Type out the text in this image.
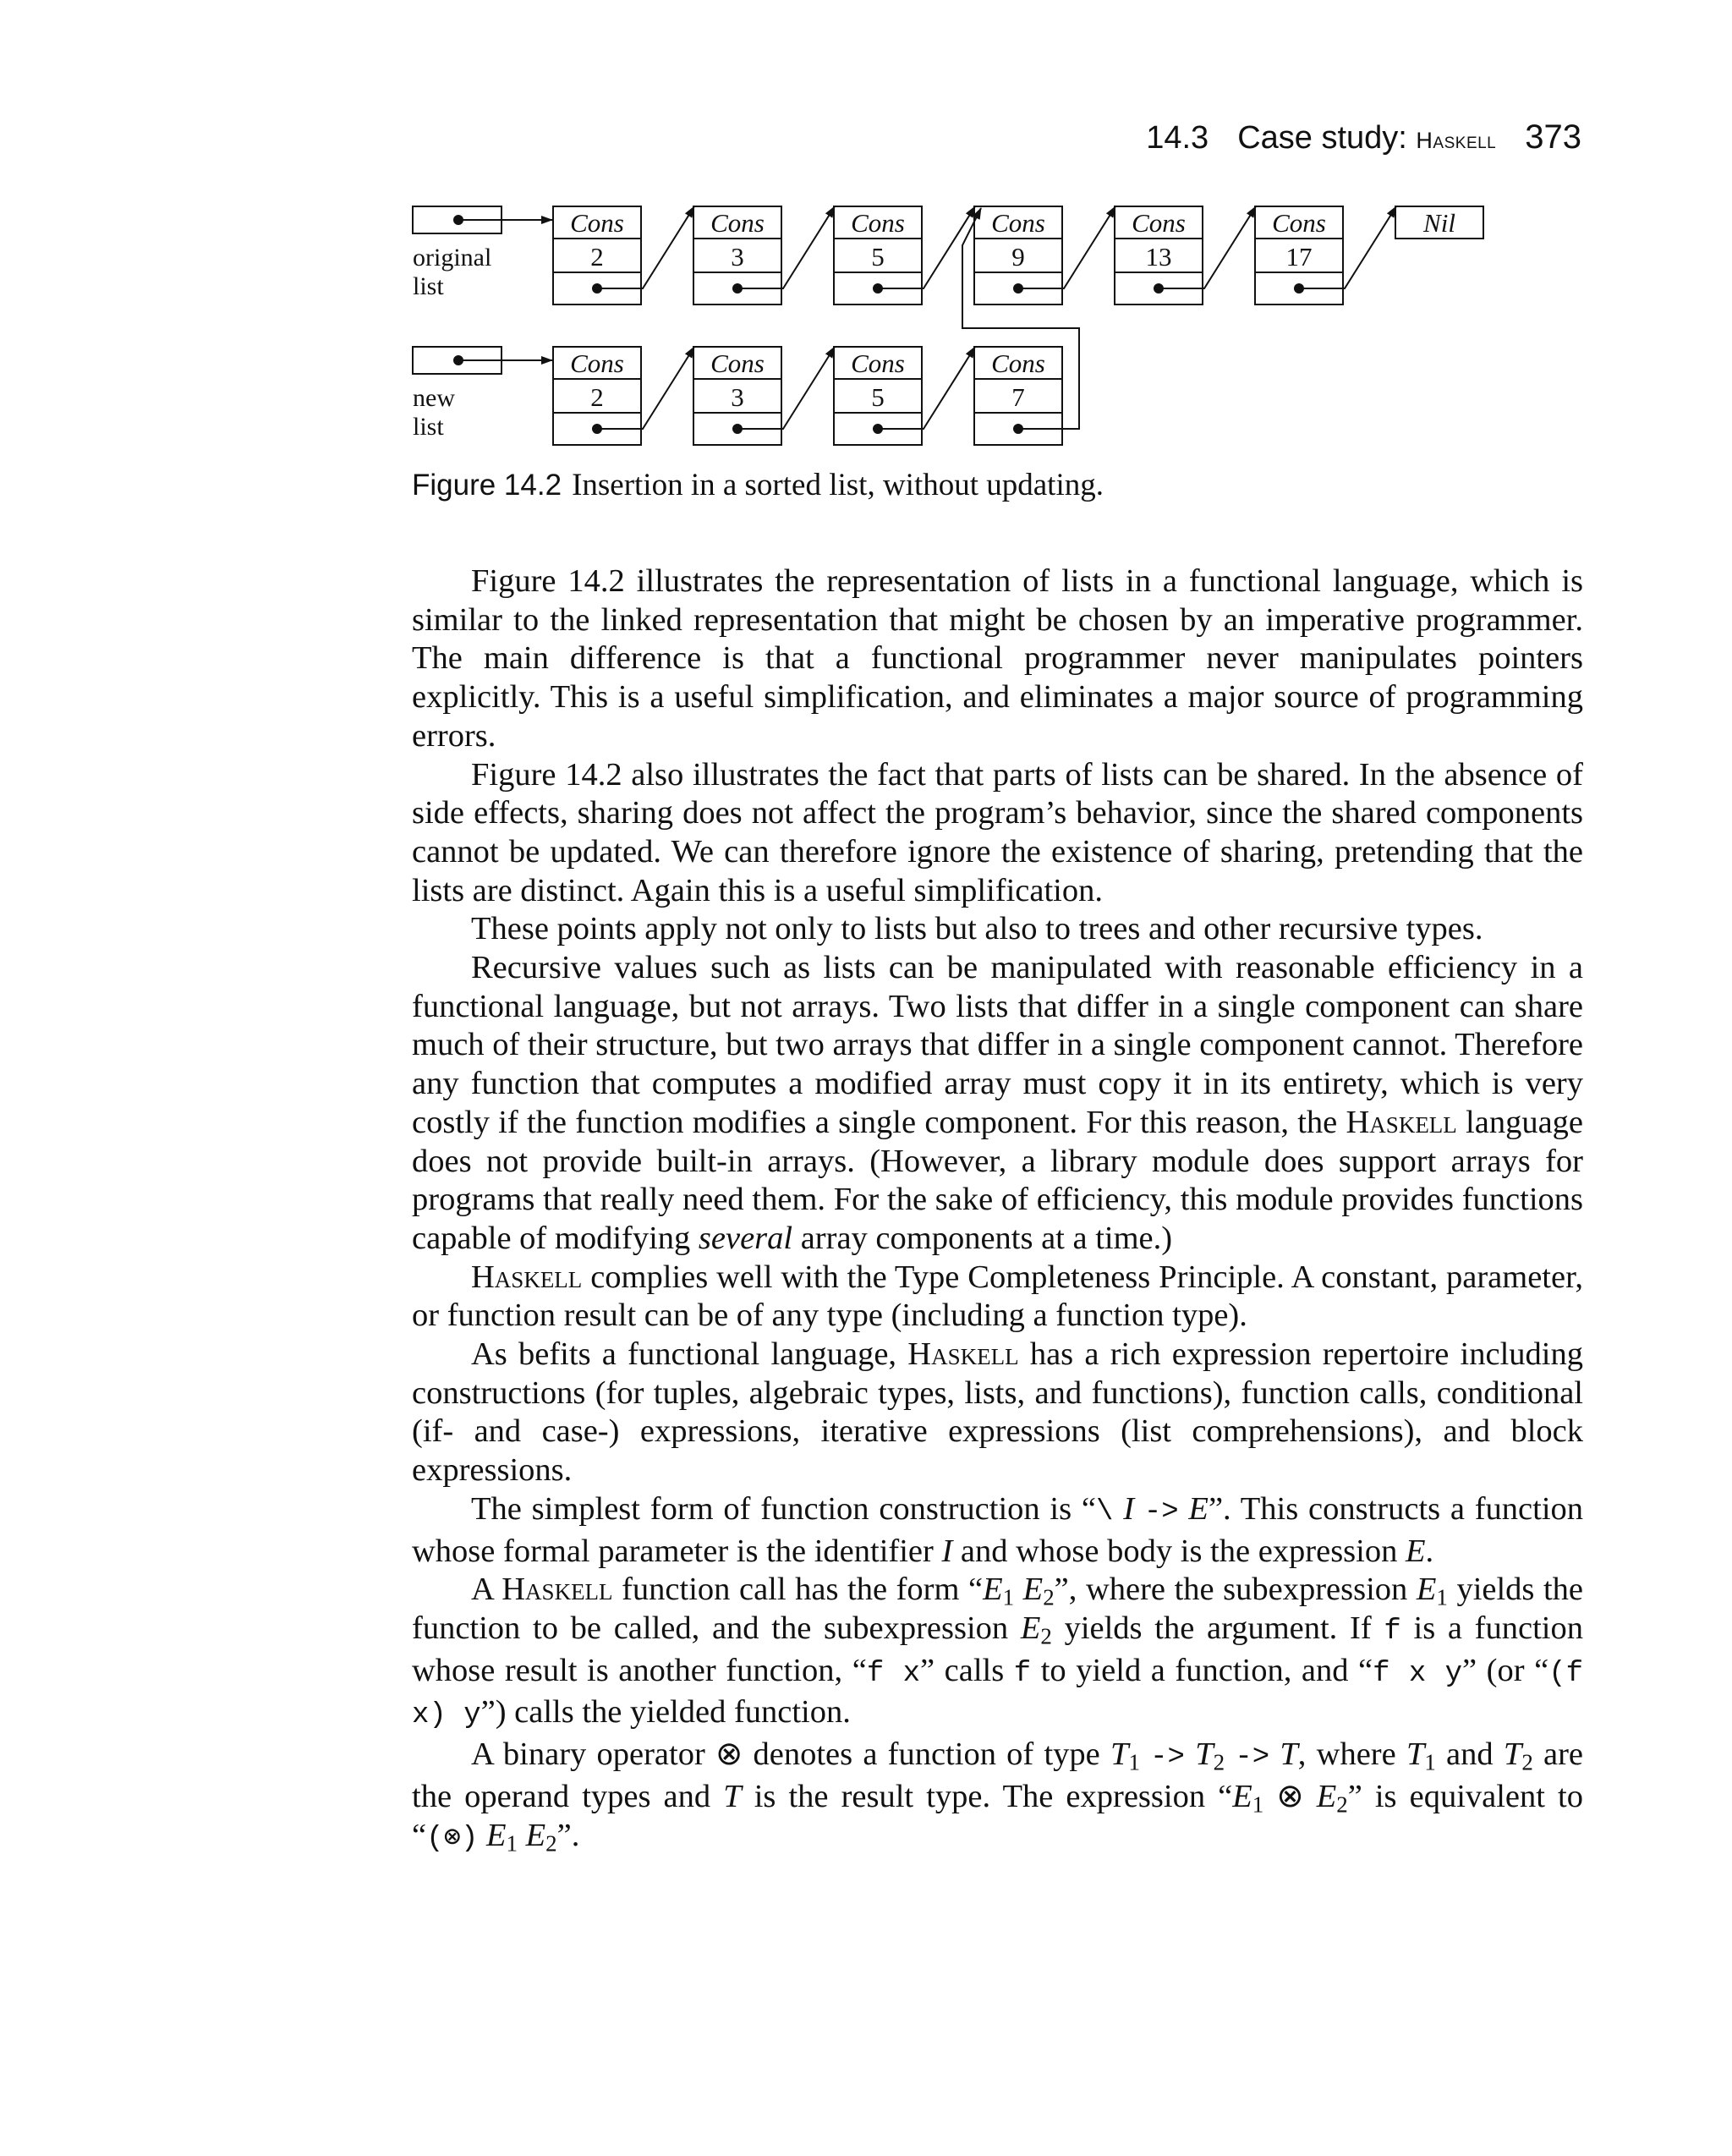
14.3 Case study: Haskell 373
Cons
2
Cons
3
Cons
5
Cons
9
Cons
13
Cons
17
Nil
Cons
2
Cons
3
Cons
5
Cons
7
original
list
new
list
Figure 14.2 Insertion in a sorted list, without updating.

Figure 14.2 illustrates the representation of lists in a functional language, which is similar to the linked representation that might be chosen by an imperative programmer. The main difference is that a functional programmer never manipulates pointers explicitly. This is a useful simplification, and eliminates a major source of programming errors.

Figure 14.2 also illustrates the fact that parts of lists can be shared. In the absence of side effects, sharing does not affect the program’s behavior, since the shared components cannot be updated. We can therefore ignore the existence of sharing, pretending that the lists are distinct. Again this is a useful simplification.

These points apply not only to lists but also to trees and other recursive types.

Recursive values such as lists can be manipulated with reasonable efficiency in a functional language, but not arrays. Two lists that differ in a single component can share much of their structure, but two arrays that differ in a single component cannot. Therefore any function that computes a modified array must copy it in its entirety, which is very costly if the function modifies a single component. For this reason, the Haskell language does not provide built-in arrays. (However, a library module does support arrays for programs that really need them. For the sake of efficiency, this module provides functions capable of modifying several array components at a time.)

Haskell complies well with the Type Completeness Principle. A constant, parameter, or function result can be of any type (including a function type).

As befits a functional language, Haskell has a rich expression repertoire including constructions (for tuples, algebraic types, lists, and functions), function calls, conditional (if- and case-) expressions, iterative expressions (list comprehensions), and block expressions.

The simplest form of function construction is “\ I -> E”. This constructs a function whose formal parameter is the identifier I and whose body is the expression E.

A Haskell function call has the form “$E_1$ $E_2$”, where the subexpression $E_1$ yields the function to be called, and the subexpression $E_2$ yields the argument. If f is a function whose result is another function, “f x” calls f to yield a function, and “f x y” (or “(f x) y”) calls the yielded function.

A binary operator ⊗ denotes a function of type $T_1 -> T_2 -> T$, where $T_1$ and $T_2$ are the operand types and T is the result type. The expression “$E_1$ ⊗ $E_2$” is equivalent to “(⊗) $E_1$ $E_2$”.
